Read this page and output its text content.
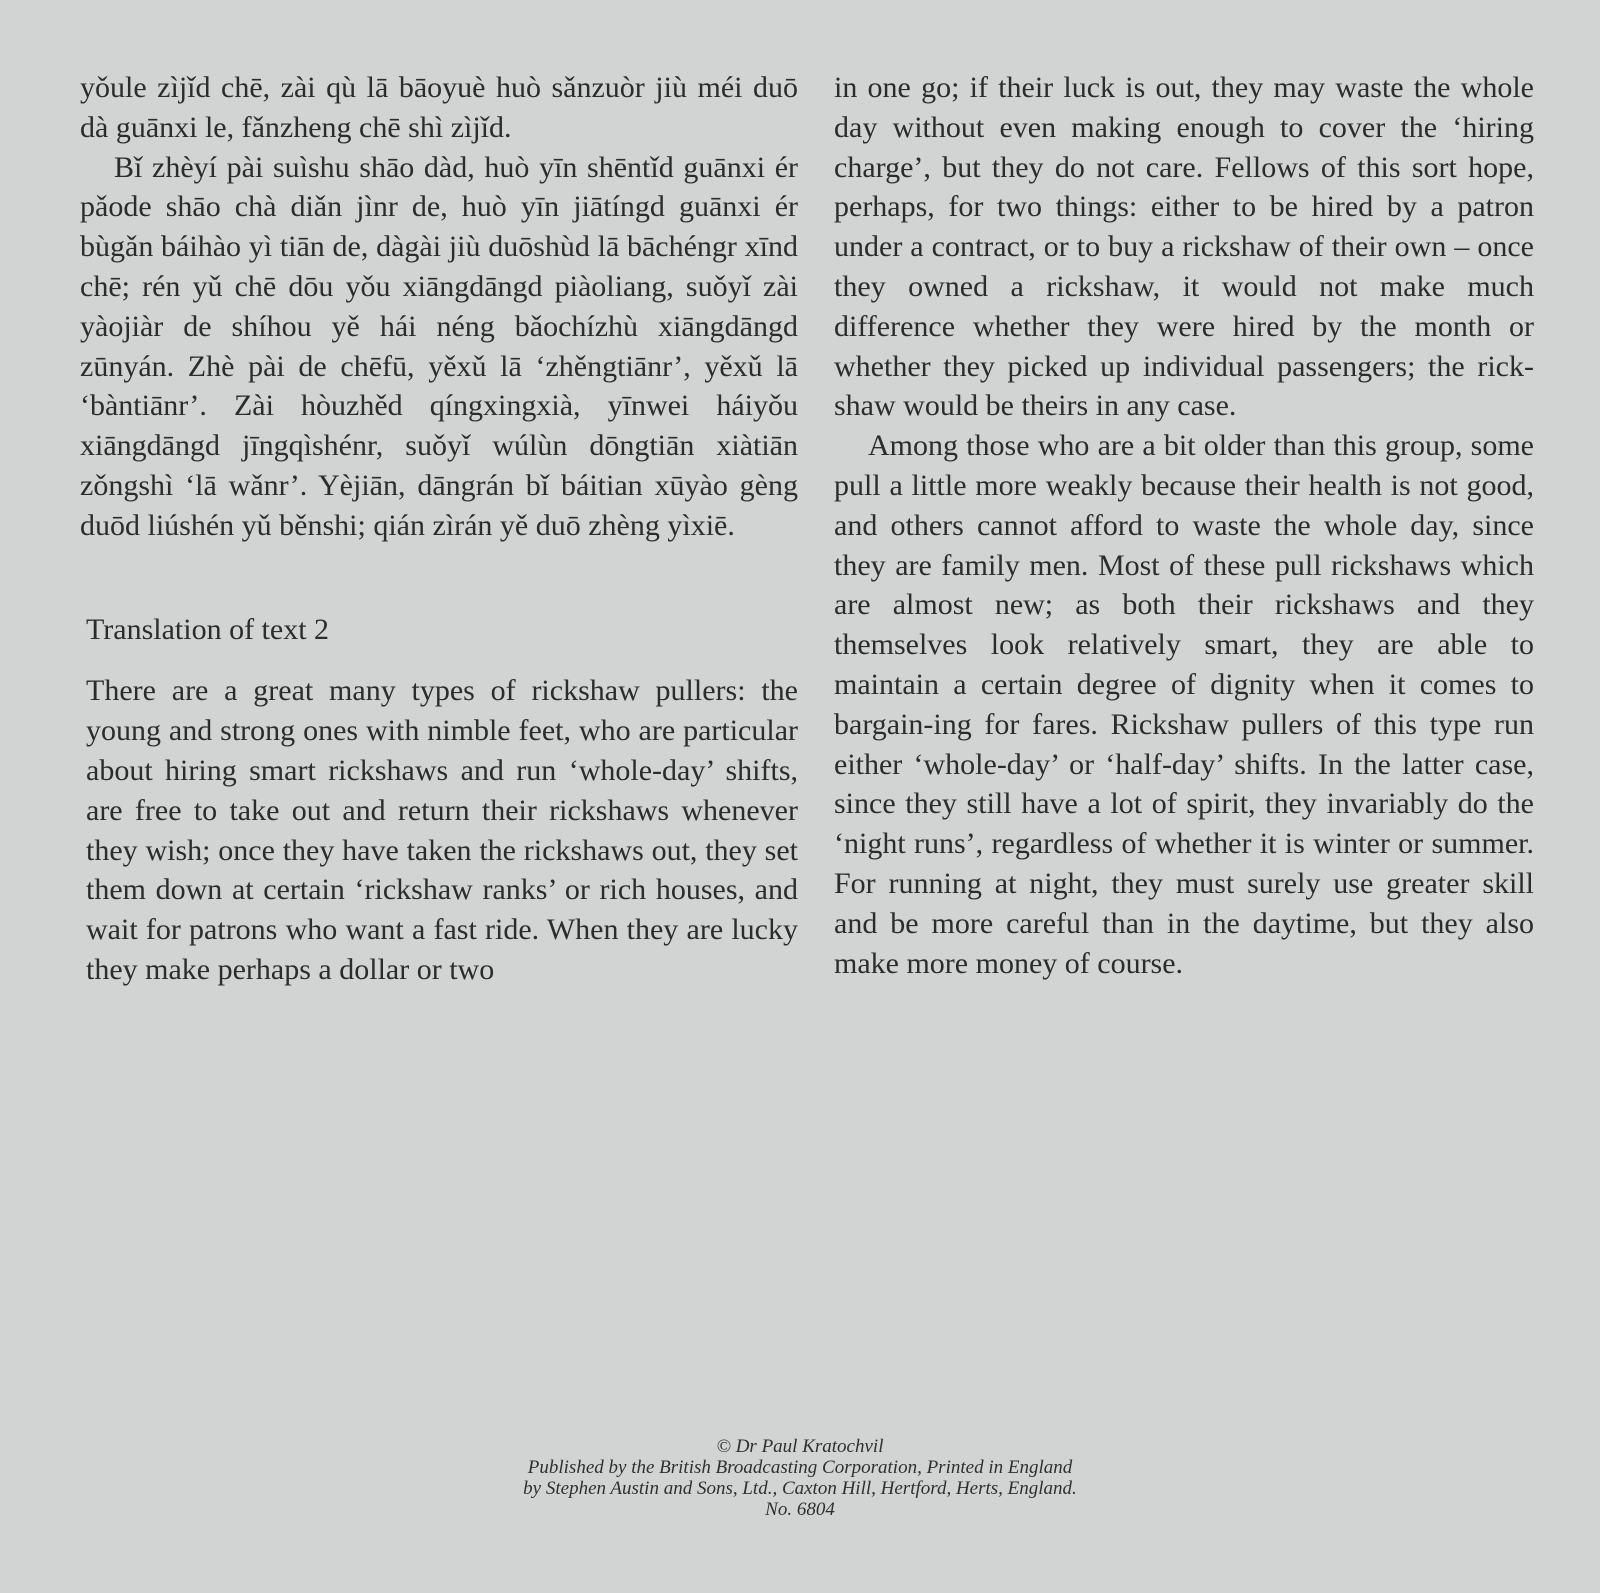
yǒule zìjǐd chē, zài qù lā bāoyuè huò sǎnzuòr jiù méi duō dà guānxi le, fǎnzheng chē shì zìjǐd.

Bǐ zhèyí pài suìshu shāo dàd, huò yīn shēntǐd guānxi ér pǎode shāo chà diǎn jìnr de, huò yīn jiātíngd guānxi ér bùgǎn báihào yì tiān de, dàgài jiù duōshùd lā bāchéngr xīnd chē; rén yǔ chē dōu yǒu xiāngdāngd piàoliang, suǒyǐ zài yàojiàr de shíhou yě hái néng bǎochízhù xiāngdāngd zūnyán. Zhè pài de chēfū, yěxǔ lā ‘zhěngtiānr’, yěxǔ lā ‘bàntiānr’. Zài hòuzhěd qíngxingxià, yīnwei háiyǒu xiāngdāngd jīngqìshénr, suǒyǐ wúlùn dōngtiān xiàtiān zǒngshì ‘lā wǎnr’. Yèjiān, dāngrán bǐ báitian xūyào gèng duōd liúshén yǔ běnshi; qián zìrán yě duō zhèng yìxiē.

Translation of text 2

There are a great many types of rickshaw pullers: the young and strong ones with nimble feet, who are particular about hiring smart rickshaws and run ‘whole-day’ shifts, are free to take out and return their rickshaws whenever they wish; once they have taken the rickshaws out, they set them down at certain ‘rickshaw ranks’ or rich houses, and wait for patrons who want a fast ride. When they are lucky they make perhaps a dollar or two

in one go; if their luck is out, they may waste the whole day without even making enough to cover the ‘hiring charge’, but they do not care. Fellows of this sort hope, perhaps, for two things: either to be hired by a patron under a contract, or to buy a rickshaw of their own – once they owned a rickshaw, it would not make much difference whether they were hired by the month or whether they picked up individual passengers; the rick-shaw would be theirs in any case.

Among those who are a bit older than this group, some pull a little more weakly because their health is not good, and others cannot afford to waste the whole day, since they are family men. Most of these pull rickshaws which are almost new; as both their rickshaws and they themselves look relatively smart, they are able to maintain a certain degree of dignity when it comes to bargain-ing for fares. Rickshaw pullers of this type run either ‘whole-day’ or ‘half-day’ shifts. In the latter case, since they still have a lot of spirit, they invariably do the ‘night runs’, regardless of whether it is winter or summer. For running at night, they must surely use greater skill and be more careful than in the daytime, but they also make more money of course.

© Dr Paul Kratochvil
Published by the British Broadcasting Corporation, Printed in England
by Stephen Austin and Sons, Ltd., Caxton Hill, Hertford, Herts, England.
No. 6804
